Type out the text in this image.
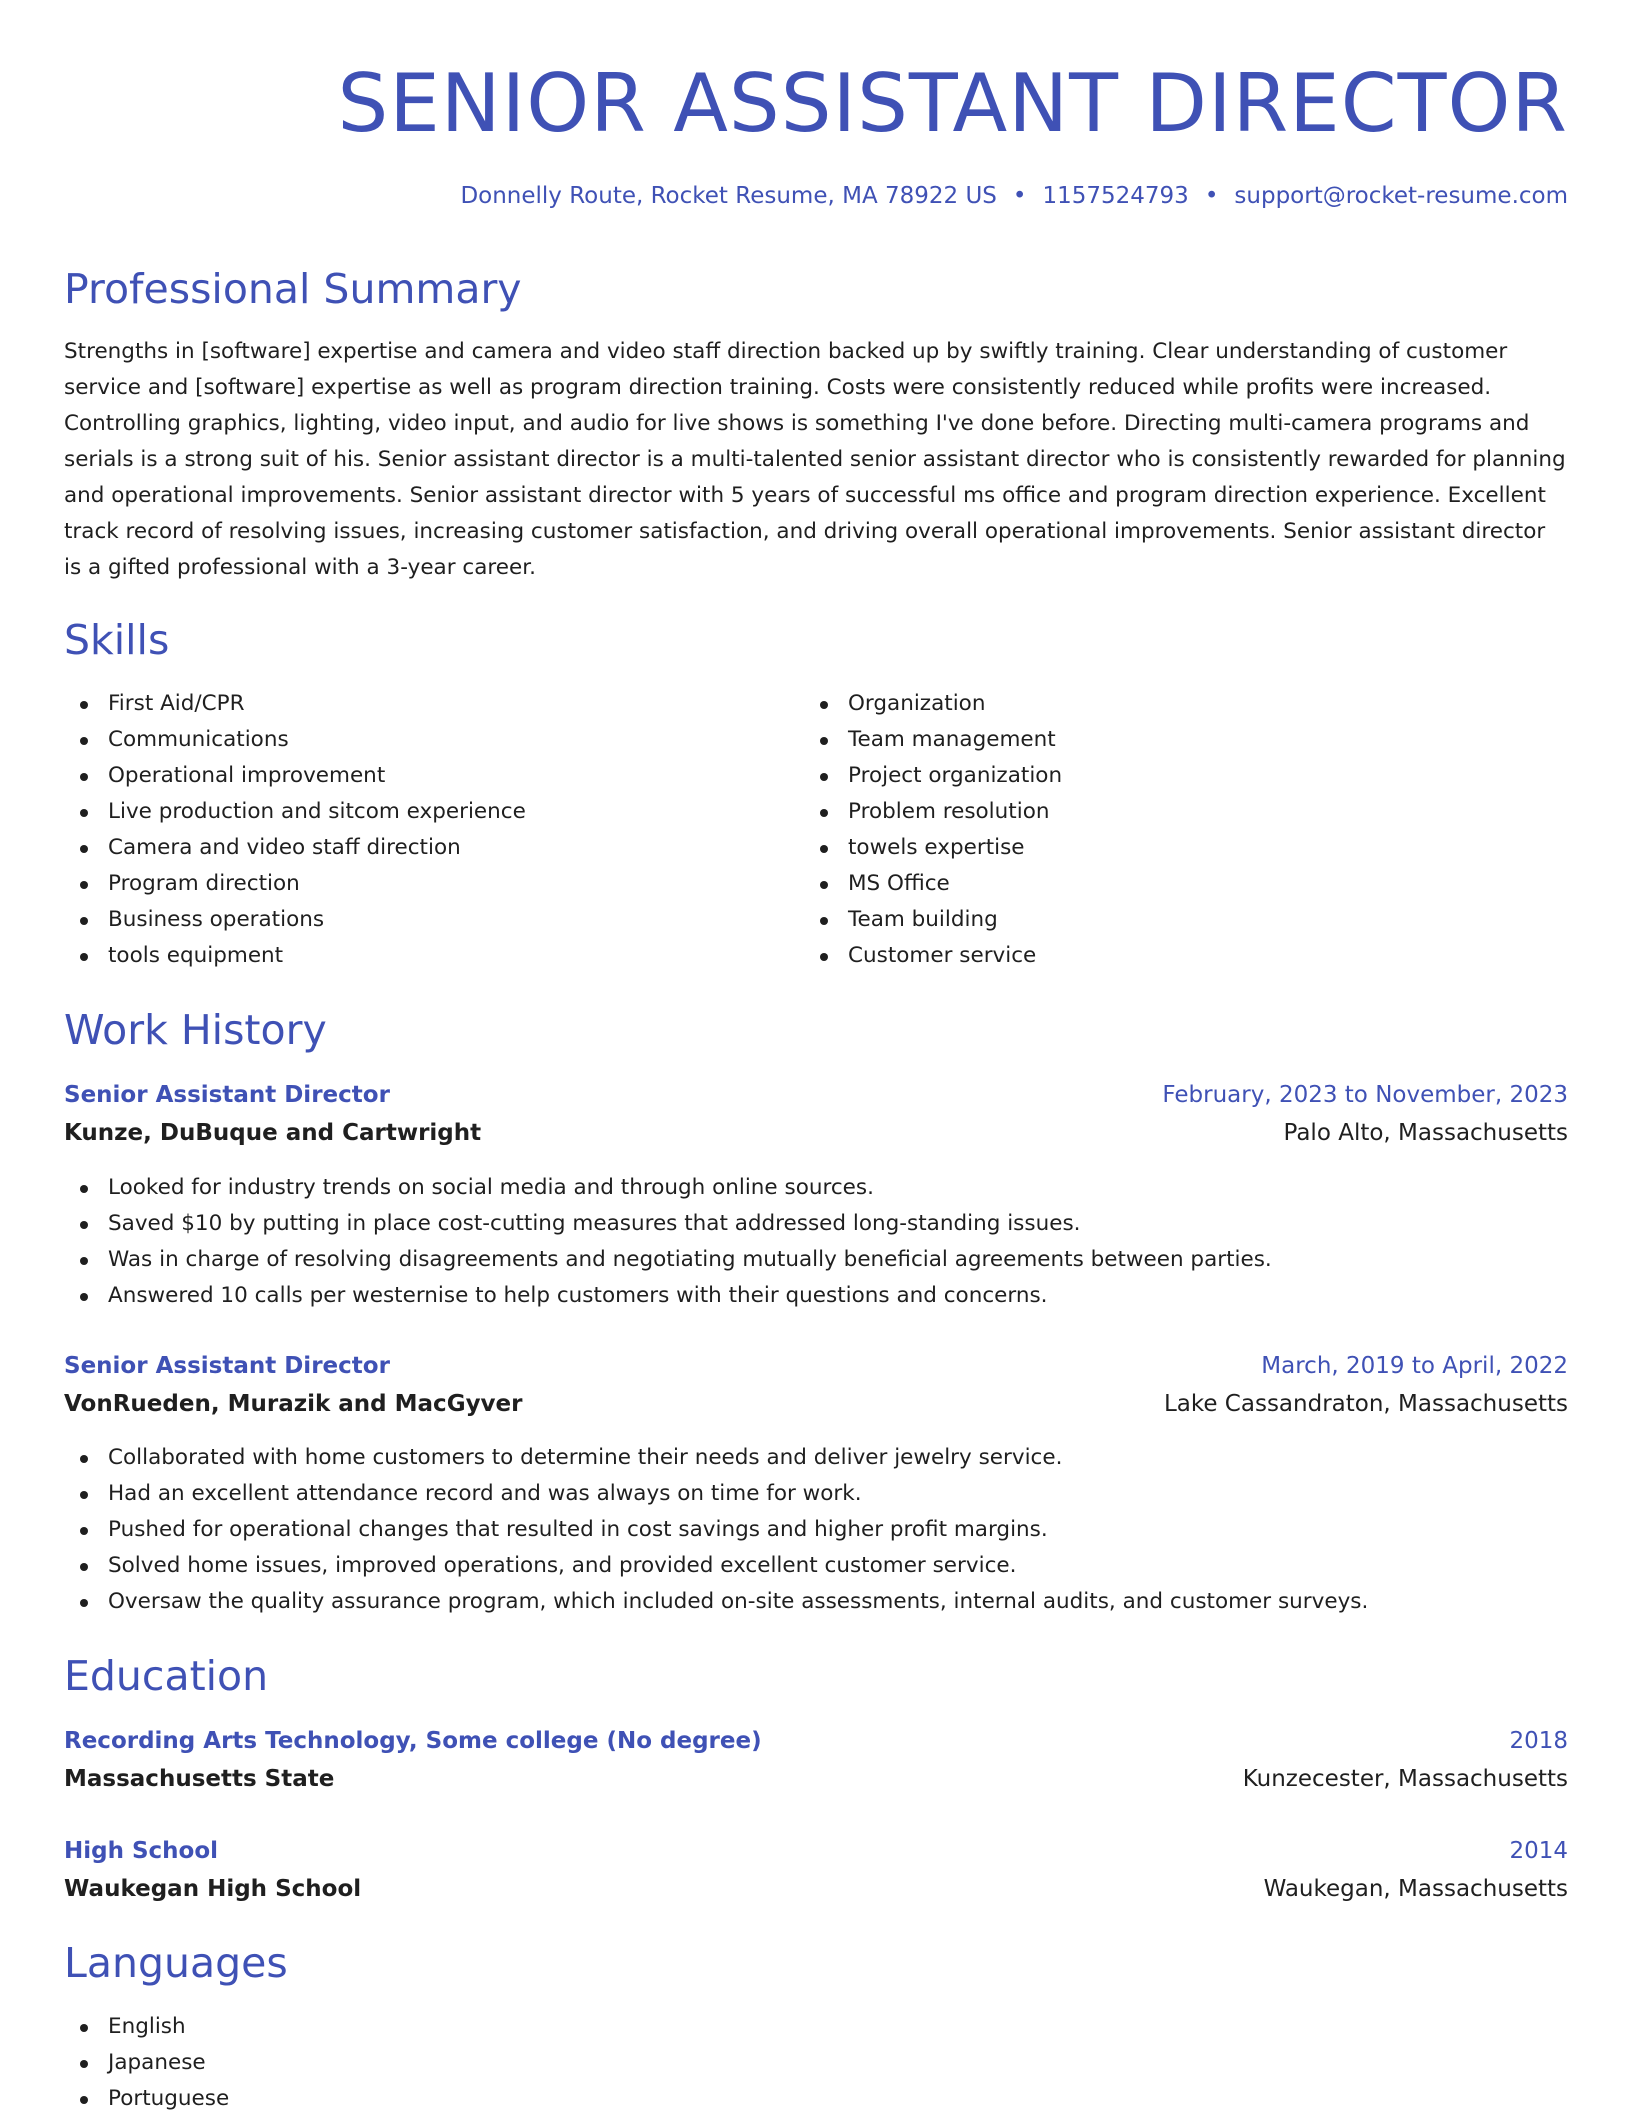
SENIOR ASSISTANT DIRECTOR
Donnelly Route, Rocket Resume, MA 78922 US • 1157524793 • support@rocket-resume.com
Professional Summary

Strengths in [software] expertise and camera and video staff direction backed up by swiftly training. Clear understanding of customer service and [software] expertise as well as program direction training. Costs were consistently reduced while profits were increased. Controlling graphics, lighting, video input, and audio for live shows is something I've done before. Directing multi-camera programs and serials is a strong suit of his. Senior assistant director is a multi-talented senior assistant director who is consistently rewarded for planning and operational improvements. Senior assistant director with 5 years of successful ms office and program direction experience. Excellent track record of resolving issues, increasing customer satisfaction, and driving overall operational improvements. Senior assistant director is a gifted professional with a 3-year career.

Skills
First Aid/CPR
Communications
Operational improvement
Live production and sitcom experience
Camera and video staff direction
Program direction
Business operations
tools equipment
Organization
Team management
Project organization
Problem resolution
towels expertise
MS Office
Team building
Customer service
Work History
Senior Assistant Director	February, 2023 to November, 2023
Kunze, DuBuque and Cartwright	Palo Alto, Massachusetts
Looked for industry trends on social media and through online sources.
Saved $10 by putting in place cost-cutting measures that addressed long-standing issues.
Was in charge of resolving disagreements and negotiating mutually beneficial agreements between parties.
Answered 10 calls per westernise to help customers with their questions and concerns.
Senior Assistant Director	March, 2019 to April, 2022
VonRueden, Murazik and MacGyver	Lake Cassandraton, Massachusetts
Collaborated with home customers to determine their needs and deliver jewelry service.
Had an excellent attendance record and was always on time for work.
Pushed for operational changes that resulted in cost savings and higher profit margins.
Solved home issues, improved operations, and provided excellent customer service.
Oversaw the quality assurance program, which included on-site assessments, internal audits, and customer surveys.
Education
Recording Arts Technology, Some college (No degree)	2018
Massachusetts State	Kunzecester, Massachusetts
High School	2014
Waukegan High School	Waukegan, Massachusetts
Languages
English
Japanese
Portuguese
